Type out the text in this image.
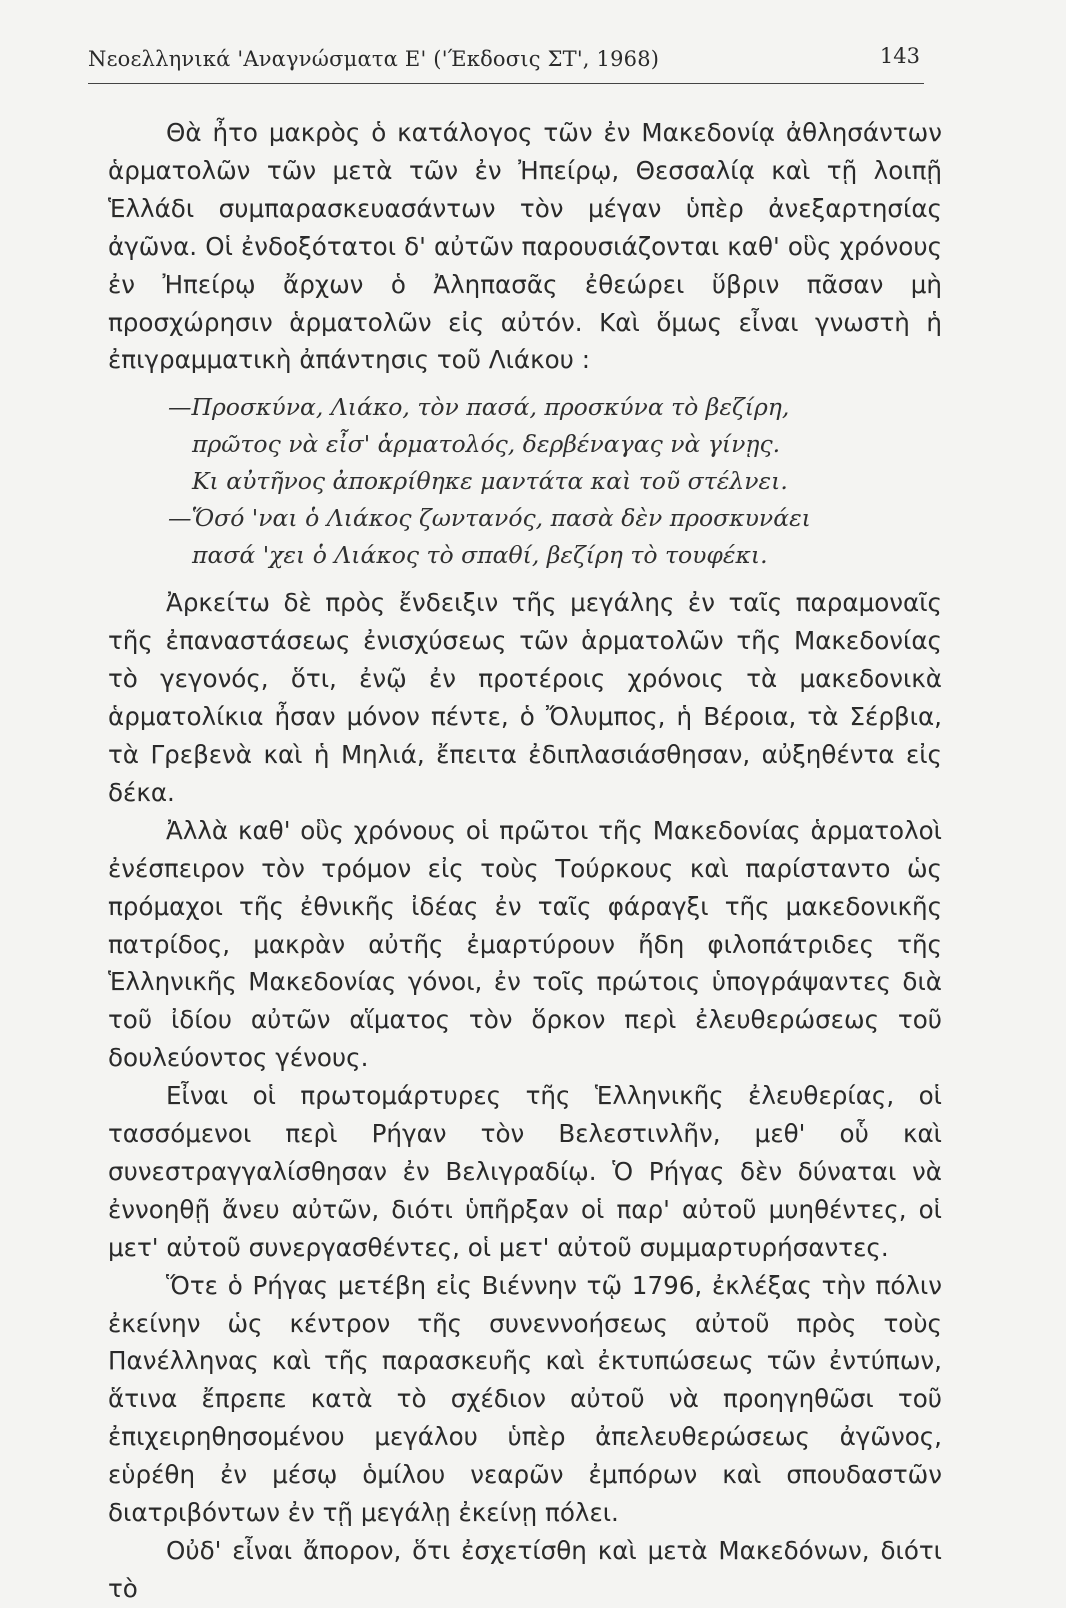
Νεοελληνικά 'Αναγνώσματα Ε' ('Έκδοσις ΣΤ', 1968)	143

Θὰ ἦτο μακρὸς ὁ κατάλογος τῶν ἐν Μακεδονίᾳ ἀθλησάντων ἁρματολῶν τῶν μετὰ τῶν ἐν Ἠπείρῳ, Θεσσαλίᾳ καὶ τῇ λοιπῇ Ἑλλάδι συμπαρασκευασάντων τὸν μέγαν ὑπὲρ ἀνεξαρτησίας ἀγῶνα. Οἱ ἐνδοξότατοι δ' αὐτῶν παρουσιάζονται καθ' οὓς χρόνους ἐν Ἠπείρῳ ἄρχων ὁ Ἀληπασᾶς ἐθεώρει ὕβριν πᾶσαν μὴ προσχώρησιν ἁρματολῶν εἰς αὐτόν. Καὶ ὅμως εἶναι γνωστὴ ἡ ἐπιγραμματικὴ ἀπάντησις τοῦ Λιάκου :

—Προσκύνα, Λιάκο, τὸν πασά, προσκύνα τὸ βεζίρη,
πρῶτος νὰ εἶσ' ἁρματολός, δερβέναγας νὰ γίνῃς.
Κι αὐτῆνος ἀποκρίθηκε μαντάτα καὶ τοῦ στέλνει.
—Ὅσό 'ναι ὁ Λιάκος ζωντανός, πασὰ δὲν προσκυνάει
πασά 'χει ὁ Λιάκος τὸ σπαθί, βεζίρη τὸ τουφέκι.

Ἀρκείτω δὲ πρὸς ἔνδειξιν τῆς μεγάλης ἐν ταῖς παραμοναῖς τῆς ἐπαναστάσεως ἐνισχύσεως τῶν ἁρματολῶν τῆς Μακεδονίας τὸ γεγονός, ὅτι, ἐνῷ ἐν προτέροις χρόνοις τὰ μακεδονικὰ ἁρματολίκια ἦσαν μόνον πέντε, ὁ Ὄλυμπος, ἡ Βέροια, τὰ Σέρβια, τὰ Γρεβενὰ καὶ ἡ Μηλιά, ἔπειτα ἐδιπλασιάσθησαν, αὐξηθέντα εἰς δέκα.

Ἀλλὰ καθ' οὓς χρόνους οἱ πρῶτοι τῆς Μακεδονίας ἁρματολοὶ ἐνέσπειρον τὸν τρόμον εἰς τοὺς Τούρκους καὶ παρίσταντο ὡς πρόμαχοι τῆς ἐθνικῆς ἰδέας ἐν ταῖς φάραγξι τῆς μακεδονικῆς πατρίδος, μακρὰν αὐτῆς ἐμαρτύρουν ἤδη φιλοπάτριδες τῆς Ἑλληνικῆς Μακεδονίας γόνοι, ἐν τοῖς πρώτοις ὑπογράψαντες διὰ τοῦ ἰδίου αὐτῶν αἵματος τὸν ὅρκον περὶ ἐλευθερώσεως τοῦ δουλεύοντος γένους.

Εἶναι οἱ πρωτομάρτυρες τῆς Ἑλληνικῆς ἐλευθερίας, οἱ τασσόμενοι περὶ Ρήγαν τὸν Βελεστινλῆν, μεθ' οὗ καὶ συνεστραγγαλίσθησαν ἐν Βελιγραδίῳ. Ὁ Ρήγας δὲν δύναται νὰ ἐννοηθῇ ἄνευ αὐτῶν, διότι ὑπῆρξαν οἱ παρ' αὐτοῦ μυηθέντες, οἱ μετ' αὐτοῦ συνεργασθέντες, οἱ μετ' αὐτοῦ συμμαρτυρήσαντες.

Ὅτε ὁ Ρήγας μετέβη εἰς Βιέννην τῷ 1796, ἐκλέξας τὴν πόλιν ἐκείνην ὡς κέντρον τῆς συνεννοήσεως αὐτοῦ πρὸς τοὺς Πανέλληνας καὶ τῆς παρασκευῆς καὶ ἐκτυπώσεως τῶν ἐντύπων, ἅτινα ἔπρεπε κατὰ τὸ σχέδιον αὐτοῦ νὰ προηγηθῶσι τοῦ ἐπιχειρηθησομένου μεγάλου ὑπὲρ ἀπελευθερώσεως ἀγῶνος, εὑρέθη ἐν μέσῳ ὁμίλου νεαρῶν ἐμπόρων καὶ σπουδαστῶν διατριβόντων ἐν τῇ μεγάλῃ ἐκείνῃ πόλει.

Οὐδ' εἶναι ἄπορον, ὅτι ἐσχετίσθη καὶ μετὰ Μακεδόνων, διότι τὸ
